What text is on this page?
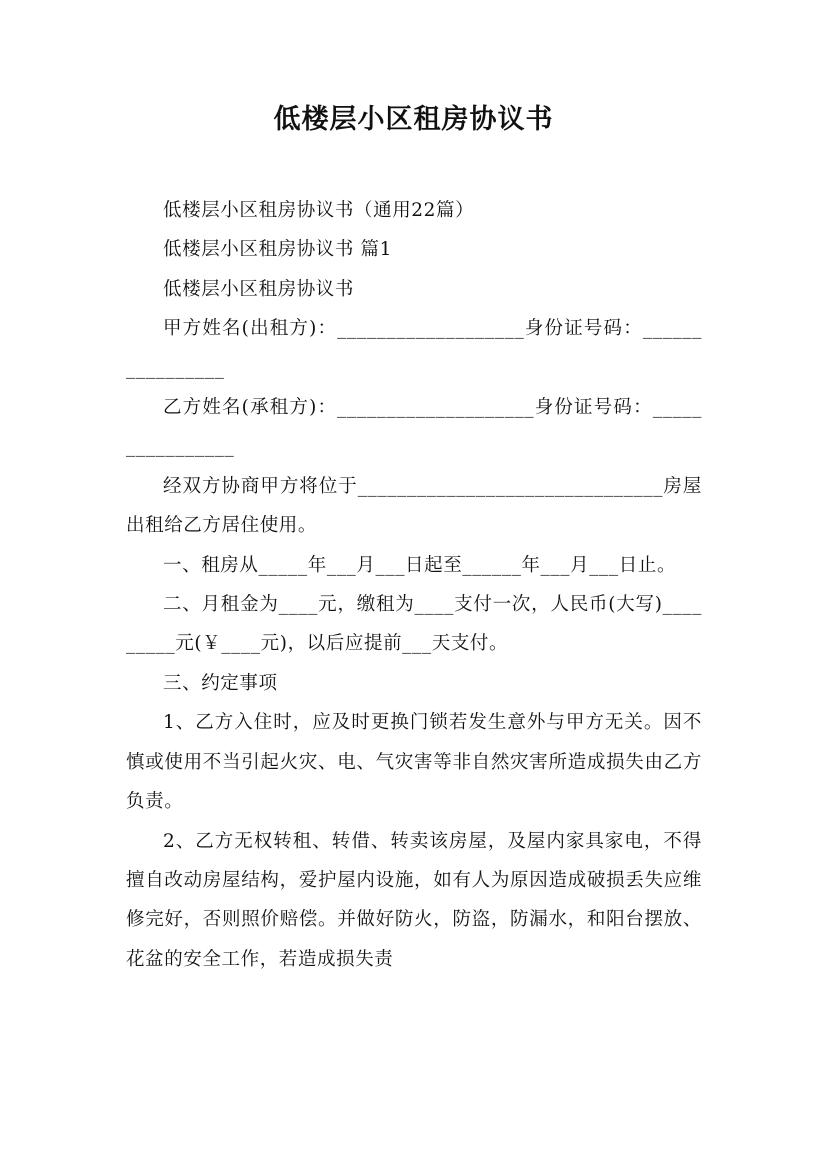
低楼层小区租房协议书

低楼层小区租房协议书（通用22篇）

低楼层小区租房协议书 篇1

低楼层小区租房协议书

甲方姓名(出租方)：___________________身份证号码：________________

乙方姓名(承租方)：____________________身份证号码：________________

经双方协商甲方将位于_______________________________房屋出租给乙方居住使用。

一、租房从_____年___月___日起至______年___月___日止。

二、月租金为____元，缴租为____支付一次，人民币(大写)_________元(￥____元)，以后应提前___天支付。

三、约定事项

1、乙方入住时，应及时更换门锁若发生意外与甲方无关。因不慎或使用不当引起火灾、电、气灾害等非自然灾害所造成损失由乙方负责。

2、乙方无权转租、转借、转卖该房屋，及屋内家具家电，不得擅自改动房屋结构，爱护屋内设施，如有人为原因造成破损丢失应维修完好，否则照价赔偿。并做好防火，防盗，防漏水，和阳台摆放、花盆的安全工作，若造成损失责
